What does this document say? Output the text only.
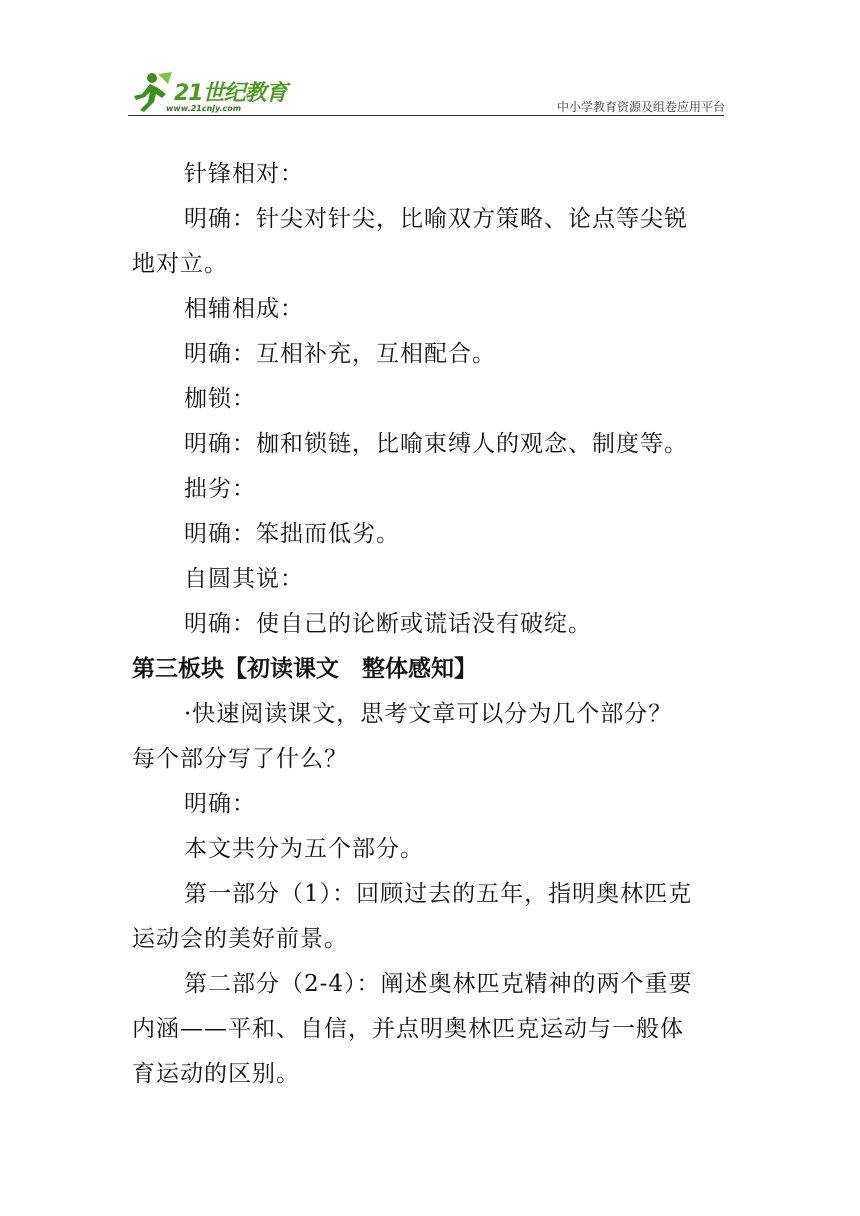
21世纪教育
www.21cnjy.com	中小学教育资源及组卷应用平台

针锋相对：

明确：针尖对针尖，比喻双方策略、论点等尖锐

地对立。

相辅相成：

明确：互相补充，互相配合。

枷锁：

明确：枷和锁链，比喻束缚人的观念、制度等。

拙劣：

明确：笨拙而低劣。

自圆其说：

明确：使自己的论断或谎话没有破绽。

第三板块【初读课文　整体感知】

·快速阅读课文，思考文章可以分为几个部分？

每个部分写了什么？

明确：

本文共分为五个部分。

第一部分（1）：回顾过去的五年，指明奥林匹克

运动会的美好前景。

第二部分（2-4）：阐述奥林匹克精神的两个重要

内涵——平和、自信，并点明奥林匹克运动与一般体

育运动的区别。
